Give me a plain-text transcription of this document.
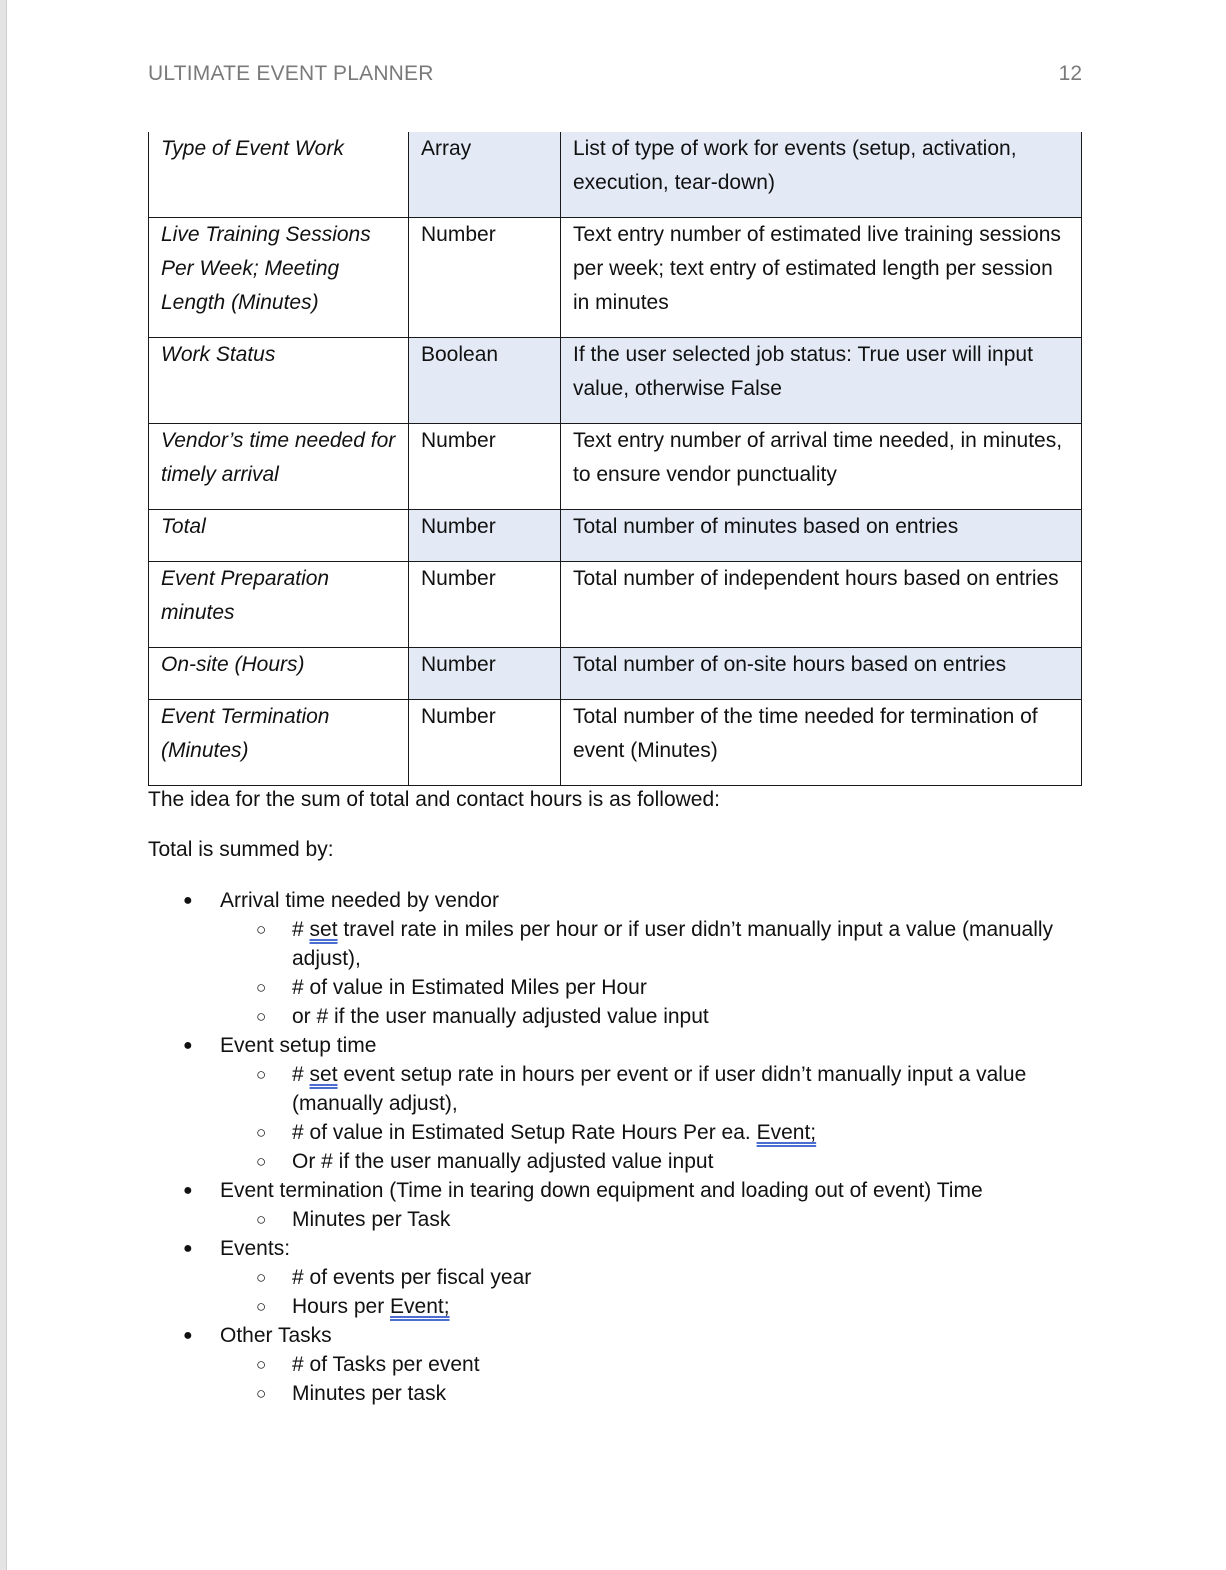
ULTIMATE EVENT PLANNER	12
Type of Event Work	Array	List of type of work for events (setup, activation, execution, tear-down)
Live Training Sessions Per Week; Meeting Length (Minutes)	Number	Text entry number of estimated live training sessions per week; text entry of estimated length per session in minutes
Work Status	Boolean	If the user selected job status: True user will input value, otherwise False
Vendor’s time needed for timely arrival	Number	Text entry number of arrival time needed, in minutes, to ensure vendor punctuality
Total	Number	Total number of minutes based on entries
Event Preparation minutes	Number	Total number of independent hours based on entries
On-site (Hours)	Number	Total number of on-site hours based on entries
Event Termination (Minutes)	Number	Total number of the time needed for termination of event (Minutes)
The idea for the sum of total and contact hours is as followed:
Total is summed by:
● Arrival time needed by vendor
○ # set travel rate in miles per hour or if user didn’t manually input a value (manually adjust),
○ # of value in Estimated Miles per Hour
○ or # if the user manually adjusted value input
● Event setup time
○ # set event setup rate in hours per event or if user didn’t manually input a value (manually adjust),
○ # of value in Estimated Setup Rate Hours Per ea. Event;
○ Or # if the user manually adjusted value input
● Event termination (Time in tearing down equipment and loading out of event) Time
○ Minutes per Task
● Events:
○ # of events per fiscal year
○ Hours per Event;
● Other Tasks
○ # of Tasks per event
○ Minutes per task
